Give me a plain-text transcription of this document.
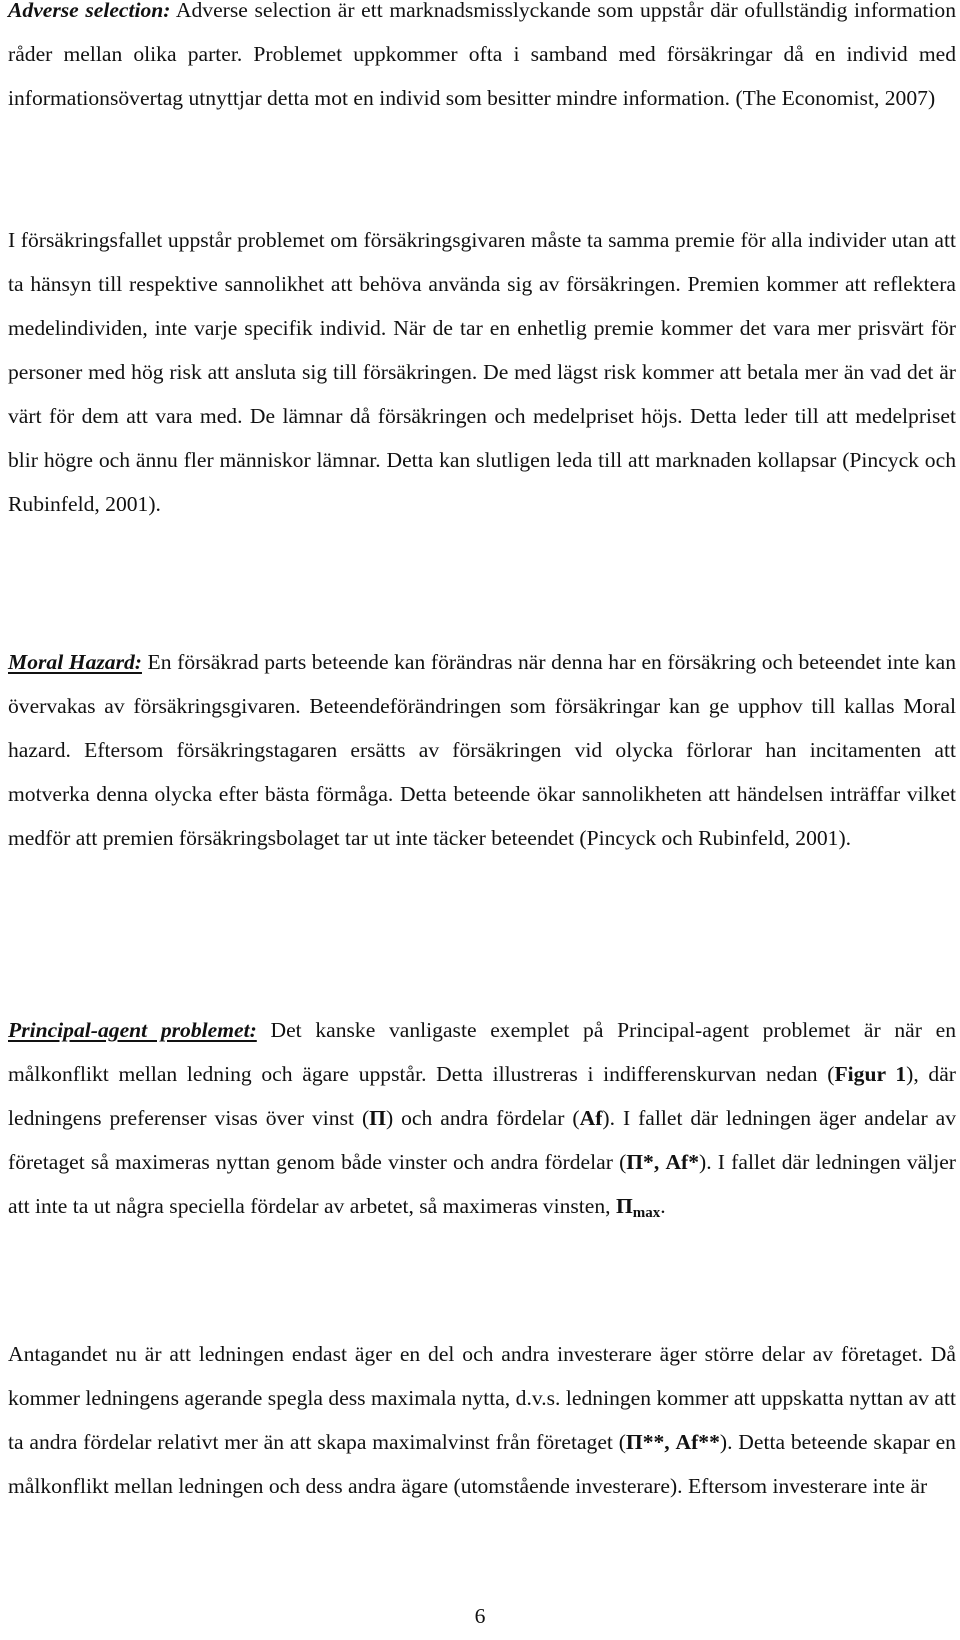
Adverse selection: Adverse selection är ett marknadsmisslyckande som uppstår där ofullständig information råder mellan olika parter. Problemet uppkommer ofta i samband med försäkringar då en individ med informationsövertag utnyttjar detta mot en individ som besitter mindre information. (The Economist, 2007)

I försäkringsfallet uppstår problemet om försäkringsgivaren måste ta samma premie för alla individer utan att ta hänsyn till respektive sannolikhet att behöva använda sig av försäkringen. Premien kommer att reflektera medelindividen, inte varje specifik individ. När de tar en enhetlig premie kommer det vara mer prisvärt för personer med hög risk att ansluta sig till försäkringen. De med lägst risk kommer att betala mer än vad det är värt för dem att vara med. De lämnar då försäkringen och medelpriset höjs. Detta leder till att medelpriset blir högre och ännu fler människor lämnar. Detta kan slutligen leda till att marknaden kollapsar (Pincyck och Rubinfeld, 2001).

Moral Hazard: En försäkrad parts beteende kan förändras när denna har en försäkring och beteendet inte kan övervakas av försäkringsgivaren. Beteendeförändringen som försäkringar kan ge upphov till kallas Moral hazard. Eftersom försäkringstagaren ersätts av försäkringen vid olycka förlorar han incitamenten att motverka denna olycka efter bästa förmåga. Detta beteende ökar sannolikheten att händelsen inträffar vilket medför att premien försäkringsbolaget tar ut inte täcker beteendet (Pincyck och Rubinfeld, 2001).

Principal-agent problemet: Det kanske vanligaste exemplet på Principal-agent problemet är när en målkonflikt mellan ledning och ägare uppstår. Detta illustreras i indifferenskurvan nedan (Figur 1), där ledningens preferenser visas över vinst (Π) och andra fördelar (Af). I fallet där ledningen äger andelar av företaget så maximeras nyttan genom både vinster och andra fördelar (Π*, Af*). I fallet där ledningen väljer att inte ta ut några speciella fördelar av arbetet, så maximeras vinsten, $\Pi_{max}$.

Antagandet nu är att ledningen endast äger en del och andra investerare äger större delar av företaget. Då kommer ledningens agerande spegla dess maximala nytta, d.v.s. ledningen kommer att uppskatta nyttan av att ta andra fördelar relativt mer än att skapa maximalvinst från företaget (Π**, Af**). Detta beteende skapar en målkonflikt mellan ledningen och dess andra ägare (utomstående investerare). Eftersom investerare inte är

6
